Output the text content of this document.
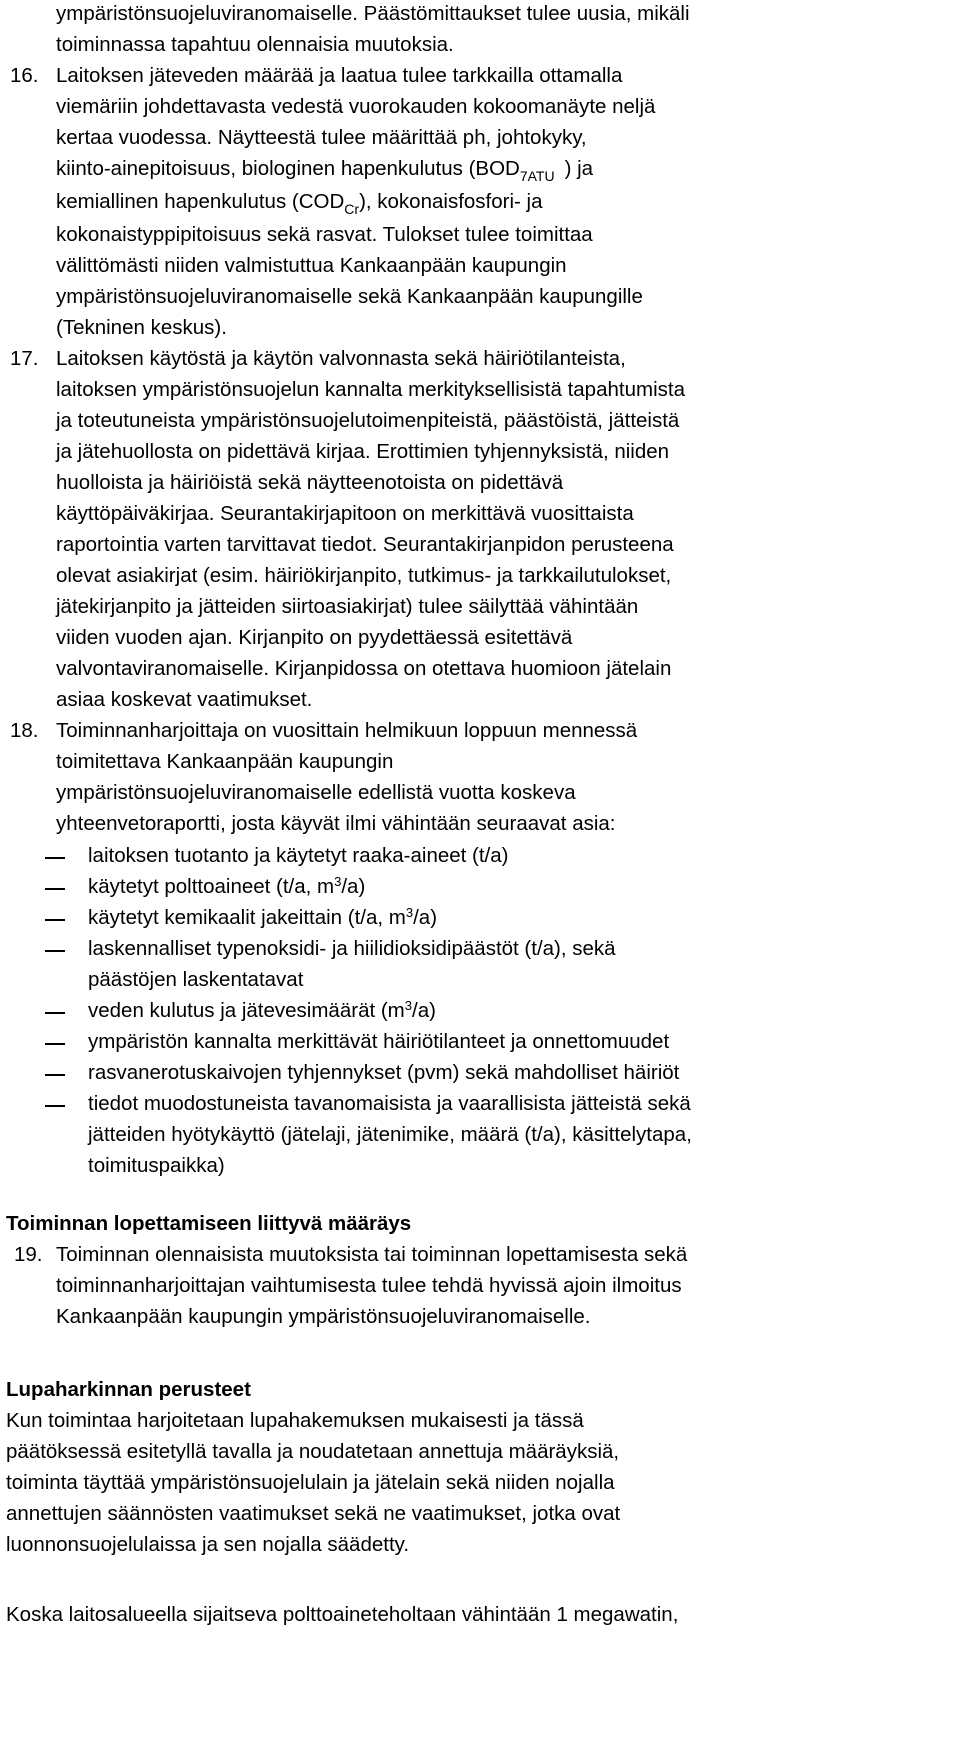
ympäristönsuojeluviranomaiselle. Päästömittaukset tulee uusia, mikäli
toiminnassa tapahtuu olennaisia muutoksia.
16. Laitoksen jäteveden määrää ja laatua tulee tarkkailla ottamalla
viemäriin johdettavasta vedestä vuorokauden kokoomanäyte neljä
kertaa vuodessa. Näytteestä tulee määrittää ph, johtokyky,
kiinto-ainepitoisuus, biologinen hapenkulutus ($BOD_{7ATU}$ ) ja
kemiallinen hapenkulutus $(COD_{Cr})$, kokonaisfosfori- ja
kokonaistyppipitoisuus sekä rasvat. Tulokset tulee toimittaa
välittömästi niiden valmistuttua Kankaanpään kaupungin
ympäristönsuojeluviranomaiselle sekä Kankaanpään kaupungille
(Tekninen keskus).
17. Laitoksen käytöstä ja käytön valvonnasta sekä häiriötilanteista,
laitoksen ympäristönsuojelun kannalta merkityksellisistä tapahtumista
ja toteutuneista ympäristönsuojelutoimenpiteistä, päästöistä, jätteistä
ja jätehuollosta on pidettävä kirjaa. Erottimien tyhjennyksistä, niiden
huolloista ja häiriöistä sekä näytteenotoista on pidettävä
käyttöpäiväkirjaa. Seurantakirjapitoon on merkittävä vuosittaista
raportointia varten tarvittavat tiedot. Seurantakirjanpidon perusteena
olevat asiakirjat (esim. häiriökirjanpito, tutkimus- ja tarkkailutulokset,
jätekirjanpito ja jätteiden siirtoasiakirjat) tulee säilyttää vähintään
viiden vuoden ajan. Kirjanpito on pyydettäessä esitettävä
valvontaviranomaiselle. Kirjanpidossa on otettava huomioon jätelain
asiaa koskevat vaatimukset.
18. Toiminnanharjoittaja on vuosittain helmikuun loppuun mennessä
toimitettava Kankaanpään kaupungin
ympäristönsuojeluviranomaiselle edellistä vuotta koskeva
yhteenvetoraportti, josta käyvät ilmi vähintään seuraavat asia:
laitoksen tuotanto ja käytetyt raaka-aineet (t/a)
käytetyt polttoaineet (t/a, $m^3/a$)
käytetyt kemikaalit jakeittain (t/a, $m^3/a$)
laskennalliset typenoksidi- ja hiilidioksidipäästöt (t/a), sekä
päästöjen laskentatavat
veden kulutus ja jätevesimäärät $(m^3/a)$
ympäristön kannalta merkittävät häiriötilanteet ja onnettomuudet
rasvanerotuskaivojen tyhjennykset (pvm) sekä mahdolliset häiriöt
tiedot muodostuneista tavanomaisista ja vaarallisista jätteistä sekä
jätteiden hyötykäyttö (jätelaji, jätenimike, määrä (t/a), käsittelytapa,
toimituspaikka)
Toiminnan lopettamiseen liittyvä määräys
19. Toiminnan olennaisista muutoksista tai toiminnan lopettamisesta sekä
toiminnanharjoittajan vaihtumisesta tulee tehdä hyvissä ajoin ilmoitus
Kankaanpään kaupungin ympäristönsuojeluviranomaiselle.
Lupaharkinnan perusteet
Kun toimintaa harjoitetaan lupahakemuksen mukaisesti ja tässä
päätöksessä esitetyllä tavalla ja noudatetaan annettuja määräyksiä,
toiminta täyttää ympäristönsuojelulain ja jätelain sekä niiden nojalla
annettujen säännösten vaatimukset sekä ne vaatimukset, jotka ovat
luonnonsuojelulaissa ja sen nojalla säädetty.
Koska laitosalueella sijaitseva polttoaineteholtaan vähintään 1 megawatin,
